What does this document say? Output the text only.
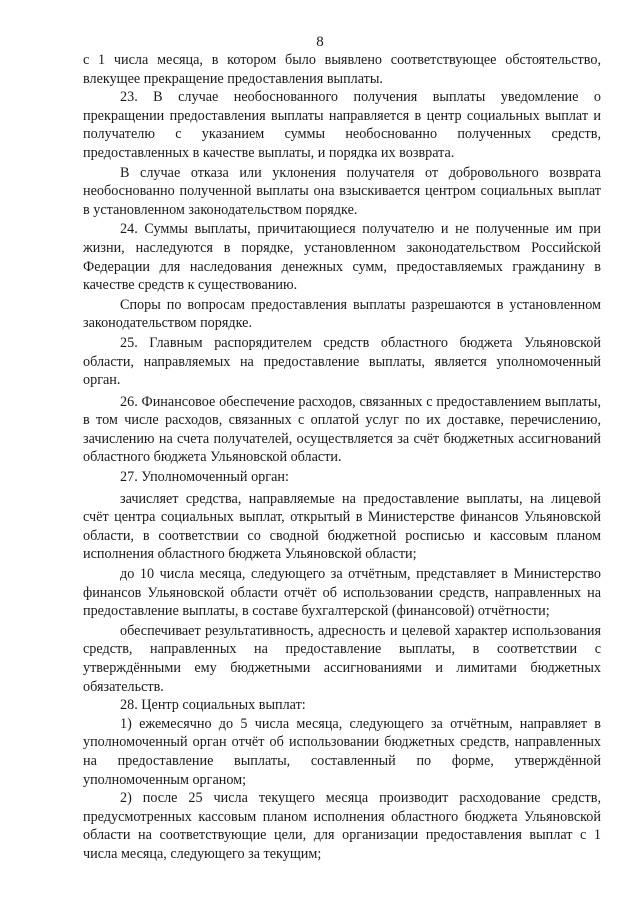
8

с 1 числа месяца, в котором было выявлено соответствующее обстоятельство, влекущее прекращение предоставления выплаты.

23. В случае необоснованного получения выплаты уведомление о прекращении предоставления выплаты направляется в центр социальных выплат и получателю с указанием суммы необоснованно полученных средств, предоставленных в качестве выплаты, и порядка их возврата.

В случае отказа или уклонения получателя от добровольного возврата необоснованно полученной выплаты она взыскивается центром социальных выплат в установленном законодательством порядке.

24. Суммы выплаты, причитающиеся получателю и не полученные им при жизни, наследуются в порядке, установленном законодательством Российской Федерации для наследования денежных сумм, предоставляемых гражданину в качестве средств к существованию.

Споры по вопросам предоставления выплаты разрешаются в установленном законодательством порядке.

25. Главным распорядителем средств областного бюджета Ульяновской области, направляемых на предоставление выплаты, является уполномоченный орган.

26. Финансовое обеспечение расходов, связанных с предоставлением выплаты, в том числе расходов, связанных с оплатой услуг по их доставке, перечислению, зачислению на счета получателей, осуществляется за счёт бюджетных ассигнований областного бюджета Ульяновской области.

27. Уполномоченный орган:

зачисляет средства, направляемые на предоставление выплаты, на лицевой счёт центра социальных выплат, открытый в Министерстве финансов Ульяновской области, в соответствии со сводной бюджетной росписью и кассовым планом исполнения областного бюджета Ульяновской области;

до 10 числа месяца, следующего за отчётным, представляет в Министерство финансов Ульяновской области отчёт об использовании средств, направленных на предоставление выплаты, в составе бухгалтерской (финансовой) отчётности;

обеспечивает результативность, адресность и целевой характер использования средств, направленных на предоставление выплаты, в соответствии с утверждёнными ему бюджетными ассигнованиями и лимитами бюджетных обязательств.

28. Центр социальных выплат:

1) ежемесячно до 5 числа месяца, следующего за отчётным, направляет в уполномоченный орган отчёт об использовании бюджетных средств, направленных на предоставление выплаты, составленный по форме, утверждённой уполномоченным органом;

2) после 25 числа текущего месяца производит расходование средств, предусмотренных кассовым планом исполнения областного бюджета Ульяновской области на соответствующие цели, для организации предоставления выплат с 1 числа месяца, следующего за текущим;
